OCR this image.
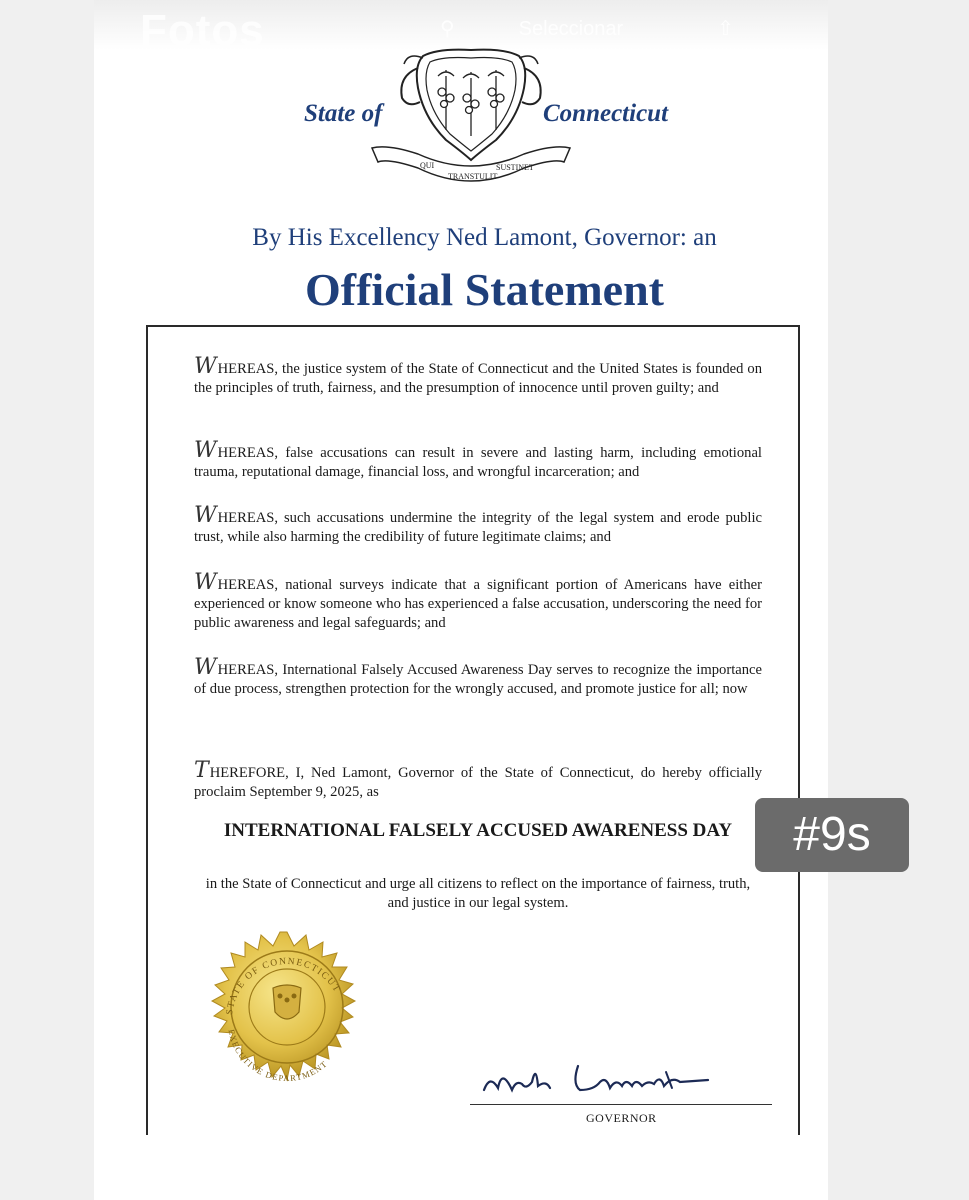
Fotos	⚲	Seleccionar	⇧
QUI
TRANSTULIT
SUSTINET
State of	Connecticut
By His Excellency Ned Lamont, Governor: an
Official Statement
WHEREAS, the justice system of the State of Connecticut and the United States is founded on the principles of truth, fairness, and the presumption of innocence until proven guilty; and
WHEREAS, false accusations can result in severe and lasting harm, including emotional trauma, reputational damage, financial loss, and wrongful incarceration; and
WHEREAS, such accusations undermine the integrity of the legal system and erode public trust, while also harming the credibility of future legitimate claims; and
WHEREAS, national surveys indicate that a significant portion of Americans have either experienced or know someone who has experienced a false accusation, underscoring the need for public awareness and legal safeguards; and
WHEREAS, International Falsely Accused Awareness Day serves to recognize the importance of due process, strengthen protection for the wrongly accused, and promote justice for all; now
THEREFORE, I, Ned Lamont, Governor of the State of Connecticut, do hereby officially proclaim September 9, 2025, as
INTERNATIONAL FALSELY ACCUSED AWARENESS DAY
in the State of Connecticut and urge all citizens to reflect on the importance of fairness, truth, and justice in our legal system.
STATE OF CONNECTICUT
EXECUTIVE DEPARTMENT
GOVERNOR
#9s
